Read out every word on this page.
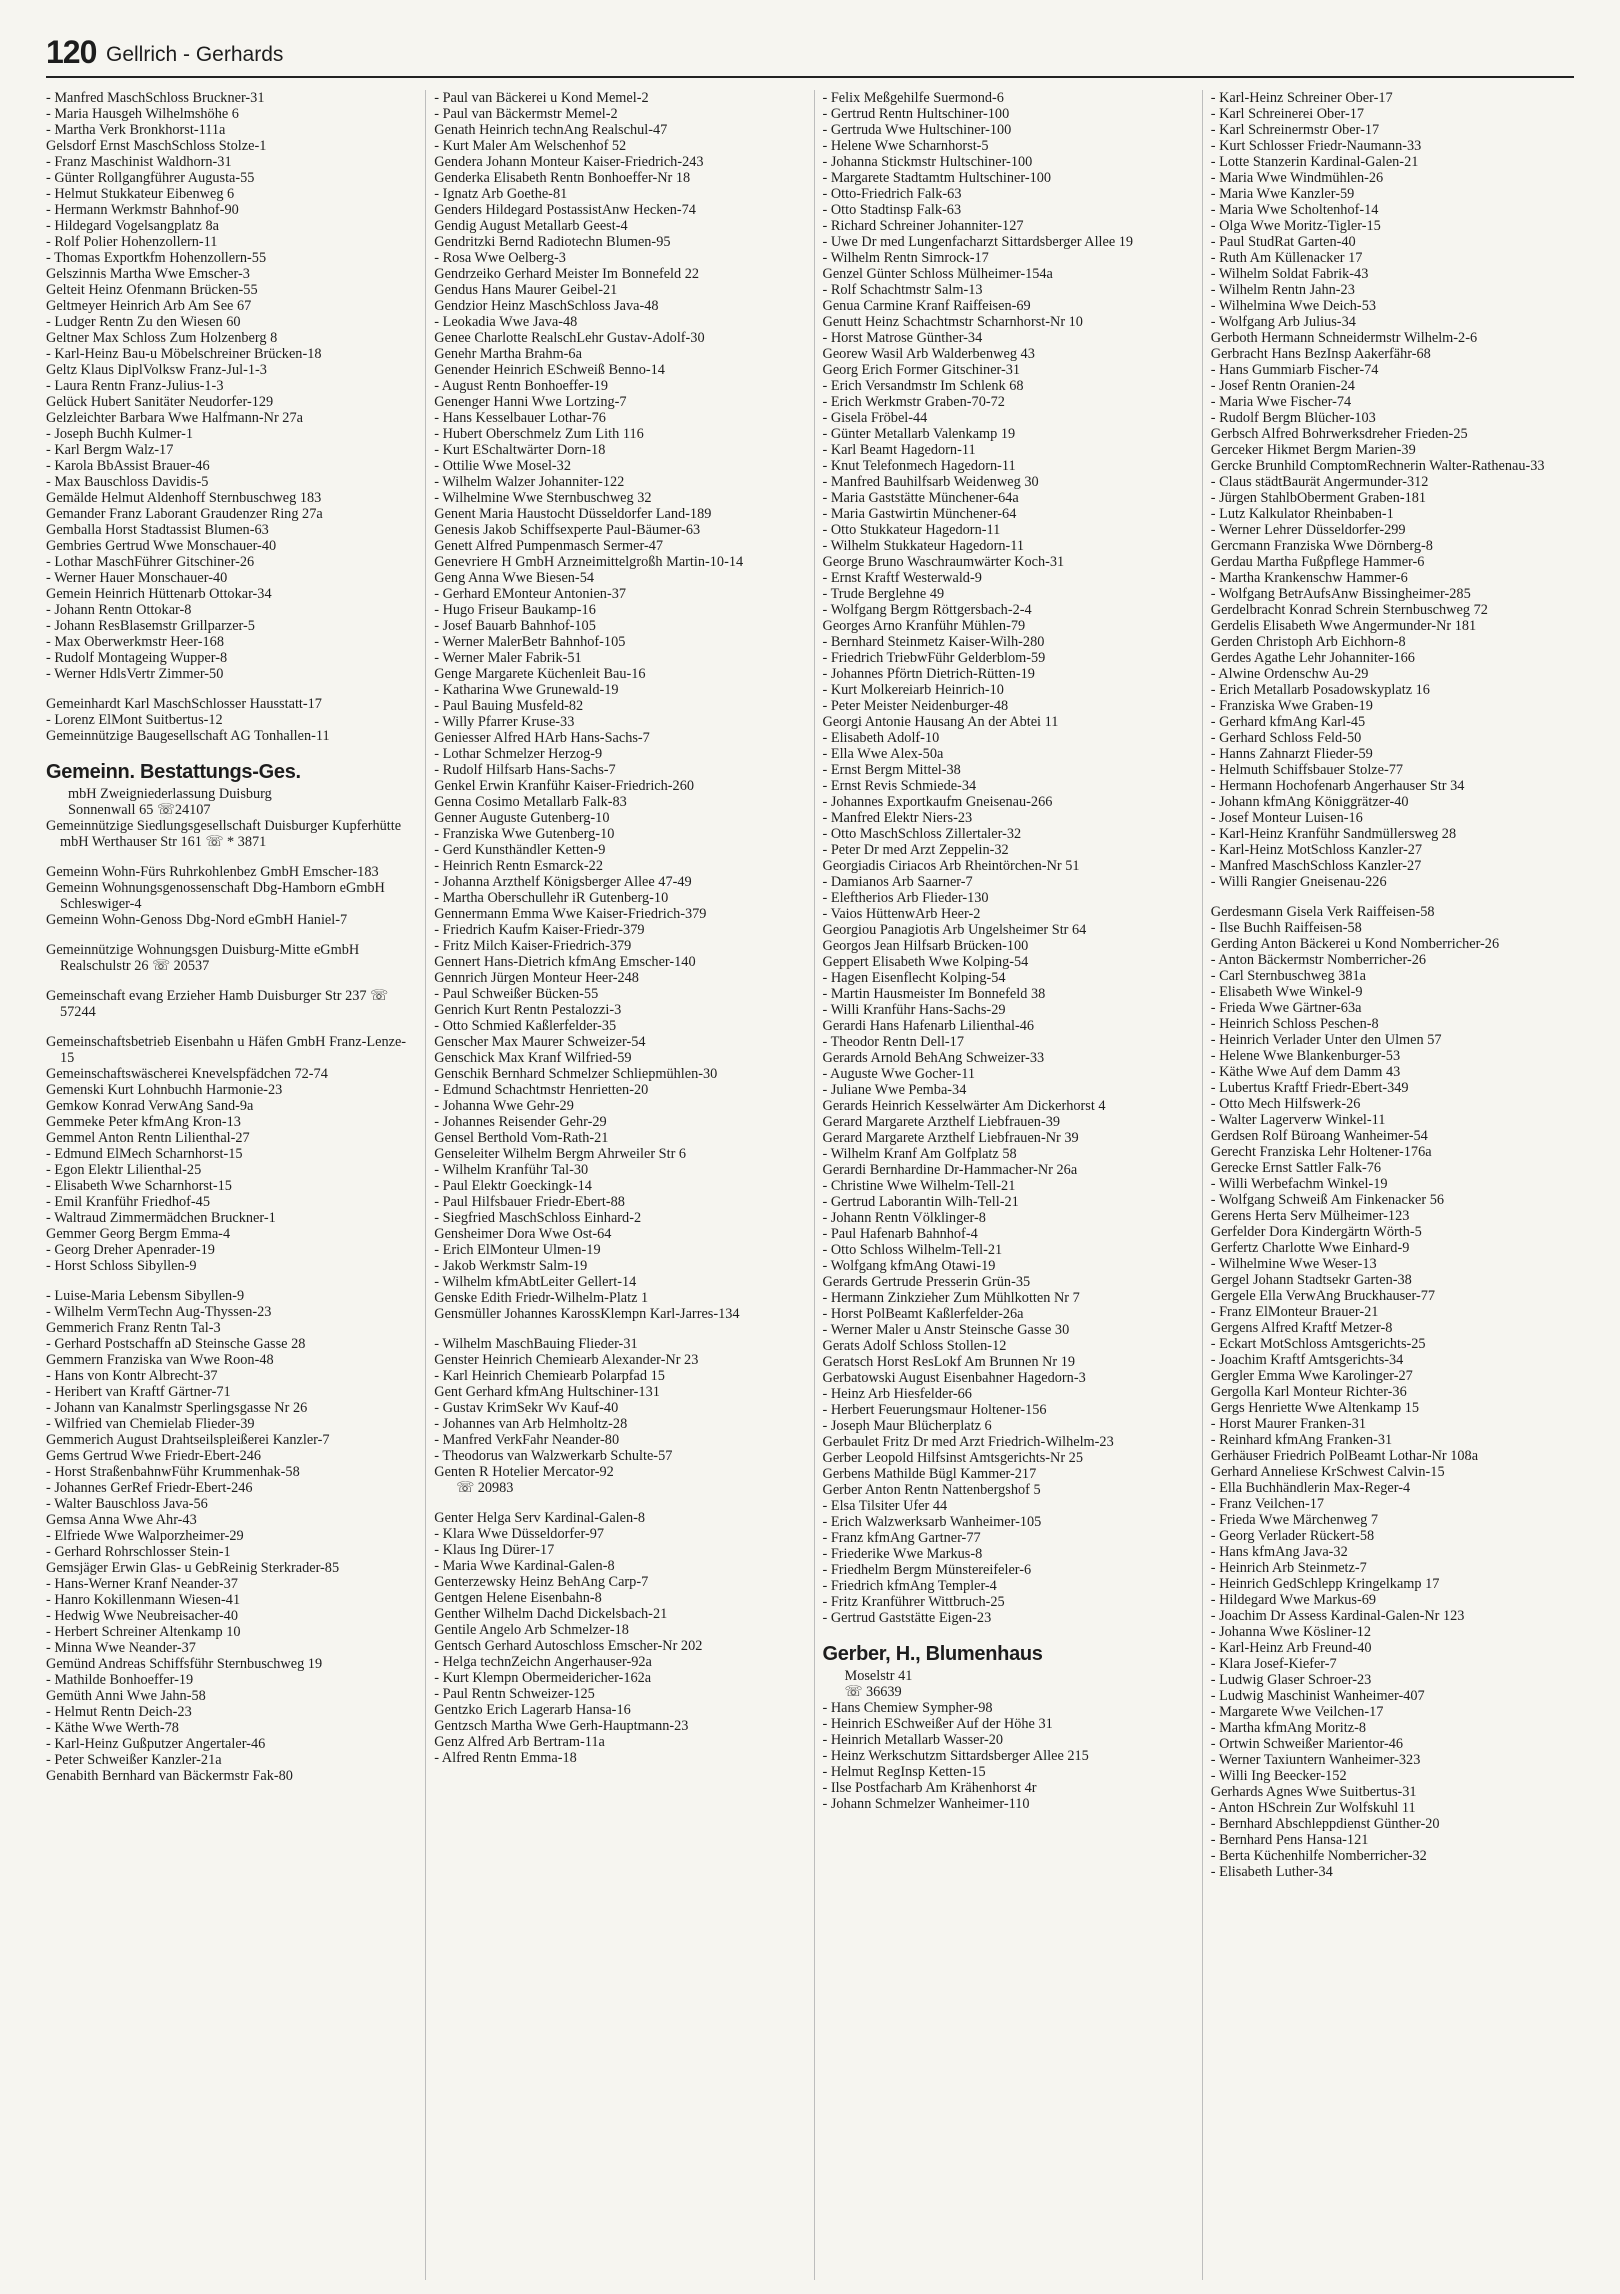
120 Gellrich - Gerhards
- Manfred MaschSchloss Bruckner-31
- Maria Hausgeh Wilhelmshöhe 6
- Martha Verk Bronkhorst-111a
Gelsdorf Ernst MaschSchloss Stolze-1
- Franz Maschinist Waldhorn-31
- Günter Rollgangführer Augusta-55
- Helmut Stukkateur Eibenweg 6
- Hermann Werkmstr Bahnhof-90
- Hildegard Vogelsangplatz 8a
- Rolf Polier Hohenzollern-11
- Thomas Exportkfm Hohenzollern-55
Gelszinnis Martha Wwe Emscher-3
Gelteit Heinz Ofenmann Brücken-55
Geltmeyer Heinrich Arb Am See 67
- Ludger Rentn Zu den Wiesen 60
Geltner Max Schloss Zum Holzenberg 8
- Karl-Heinz Bau-u Möbelschreiner Brücken-18
Geltz Klaus DiplVolksw Franz-Jul-1-3
- Laura Rentn Franz-Julius-1-3
Gelück Hubert Sanitäter Neudorfer-129
Gelzleichter Barbara Wwe Halfmann-Nr 27a
- Joseph Buchh Kulmer-1
- Karl Bergm Walz-17
- Karola BbAssist Brauer-46
- Max Bauschloss Davidis-5
Gemälde Helmut Aldenhoff Sternbuschweg 183
Gemander Franz Laborant Graudenzer Ring 27a
Gemballa Horst Stadtassist Blumen-63
Gembries Gertrud Wwe Monschauer-40
- Lothar MaschFührer Gitschiner-26
- Werner Hauer Monschauer-40
Gemein Heinrich Hüttenarb Ottokar-34
- Johann Rentn Ottokar-8
- Johann ResBlasemstr Grillparzer-5
- Max Oberwerkmstr Heer-168
- Rudolf Montageing Wupper-8
- Werner HdlsVertr Zimmer-50
Gemeinhardt Karl MaschSchlosser Hausstatt-17
- Lorenz ElMont Suitbertus-12
Gemeinnützige Baugesellschaft AG Tonhallen-11
Gemeinn. Bestattungs-Ges.
mbH Zweigniederlassung Duisburg
Sonnenwall 65 ☏24107
Gemeinnützige Siedlungsgesellschaft Duisburger Kupferhütte mbH Werthauser Str 161 ☏ * 3871
Gemeinn Wohn-Fürs Ruhrkohlenbez GmbH Emscher-183
Gemeinn Wohnungsgenossenschaft Dbg-Hamborn eGmbH Schleswiger-4
Gemeinn Wohn-Genoss Dbg-Nord eGmbH Haniel-7
Gemeinnützige Wohnungsgen Duisburg-Mitte eGmbH Realschulstr 26 ☏ 20537
Gemeinschaft evang Erzieher Hamb Duisburger Str 237 ☏ 57244
Gemeinschaftsbetrieb Eisenbahn u Häfen GmbH Franz-Lenze-15
Gemeinschaftswäscherei Knevelspfädchen 72-74
Gemenski Kurt Lohnbuchh Harmonie-23
Gemkow Konrad VerwAng Sand-9a
Gemmeke Peter kfmAng Kron-13
Gemmel Anton Rentn Lilienthal-27
- Edmund ElMech Scharnhorst-15
- Egon Elektr Lilienthal-25
- Elisabeth Wwe Scharnhorst-15
- Emil Kranführ Friedhof-45
- Waltraud Zimmermädchen Bruckner-1
Gemmer Georg Bergm Emma-4
- Georg Dreher Apenrader-19
- Horst Schloss Sibyllen-9
- Luise-Maria Lebensm Sibyllen-9
- Wilhelm VermTechn Aug-Thyssen-23
Gemmerich Franz Rentn Tal-3
- Gerhard Postschaffn aD Steinsche Gasse 28
Gemmern Franziska van Wwe Roon-48
- Hans von Kontr Albrecht-37
- Heribert van Kraftf Gärtner-71
- Johann van Kanalmstr Sperlingsgasse Nr 26
- Wilfried van Chemielab Flieder-39
Gemmerich August Drahtseilspleißerei Kanzler-7
Gems Gertrud Wwe Friedr-Ebert-246
- Horst StraßenbahnwFühr Krummenhak-58
- Johannes GerRef Friedr-Ebert-246
- Walter Bauschloss Java-56
Gemsa Anna Wwe Ahr-43
- Elfriede Wwe Walporzheimer-29
- Gerhard Rohrschlosser Stein-1
Gemsjäger Erwin Glas- u GebReinig Sterkrader-85
- Hans-Werner Kranf Neander-37
- Hanro Kokillenmann Wiesen-41
- Hedwig Wwe Neubreisacher-40
- Herbert Schreiner Altenkamp 10
- Minna Wwe Neander-37
Gemünd Andreas Schiffsführ Sternbuschweg 19
- Mathilde Bonhoeffer-19
Gemüth Anni Wwe Jahn-58
- Helmut Rentn Deich-23
- Käthe Wwe Werth-78
- Karl-Heinz Gußputzer Angertaler-46
- Peter Schweißer Kanzler-21a
Genabith Bernhard van Bäckermstr Fak-80
- Paul van Bäckerei u Kond Memel-2
- Paul van Bäckermstr Memel-2
Genath Heinrich technAng Realschul-47
- Kurt Maler Am Welschenhof 52
Gendera Johann Monteur Kaiser-Friedrich-243
Genderka Elisabeth Rentn Bonhoeffer-Nr 18
- Ignatz Arb Goethe-81
Genders Hildegard PostassistAnw Hecken-74
Gendig August Metallarb Geest-4
Gendritzki Bernd Radiotechn Blumen-95
- Rosa Wwe Oelberg-3
Gendrzeiko Gerhard Meister Im Bonnefeld 22
Gendus Hans Maurer Geibel-21
Gendzior Heinz MaschSchloss Java-48
- Leokadia Wwe Java-48
Genee Charlotte RealschLehr Gustav-Adolf-30
Genehr Martha Brahm-6a
Genender Heinrich ESchweiß Benno-14
- August Rentn Bonhoeffer-19
Genenger Hanni Wwe Lortzing-7
- Hans Kesselbauer Lothar-76
- Hubert Oberschmelz Zum Lith 116
- Kurt ESchaltwärter Dorn-18
- Ottilie Wwe Mosel-32
- Wilhelm Walzer Johanniter-122
- Wilhelmine Wwe Sternbuschweg 32
Genent Maria Haustocht Düsseldorfer Land-189
Genesis Jakob Schiffsexperte Paul-Bäumer-63
Genett Alfred Pumpenmasch Sermer-47
Genevriere H GmbH Arzneimittelgroßh Martin-10-14
Geng Anna Wwe Biesen-54
- Gerhard EMonteur Antonien-37
- Hugo Friseur Baukamp-16
- Josef Bauarb Bahnhof-105
- Werner MalerBetr Bahnhof-105
- Werner Maler Fabrik-51
Genge Margarete Küchenleit Bau-16
- Katharina Wwe Grunewald-19
- Paul Bauing Musfeld-82
- Willy Pfarrer Kruse-33
Geniesser Alfred HArb Hans-Sachs-7
- Lothar Schmelzer Herzog-9
- Rudolf Hilfsarb Hans-Sachs-7
Genkel Erwin Kranführ Kaiser-Friedrich-260
Genna Cosimo Metallarb Falk-83
Genner Auguste Gutenberg-10
- Franziska Wwe Gutenberg-10
- Gerd Kunsthändler Ketten-9
- Heinrich Rentn Esmarck-22
- Johanna Arzthelf Königsberger Allee 47-49
- Martha Oberschullehr iR Gutenberg-10
Gennermann Emma Wwe Kaiser-Friedrich-379
- Friedrich Kaufm Kaiser-Friedr-379
- Fritz Milch Kaiser-Friedrich-379
Gennert Hans-Dietrich kfmAng Emscher-140
Gennrich Jürgen Monteur Heer-248
- Paul Schweißer Bücken-55
Genrich Kurt Rentn Pestalozzi-3
- Otto Schmied Kaßlerfelder-35
Genscher Max Maurer Schweizer-54
Genschick Max Kranf Wilfried-59
Genschik Bernhard Schmelzer Schliepmühlen-30
- Edmund Schachtmstr Henrietten-20
- Johanna Wwe Gehr-29
- Johannes Reisender Gehr-29
Gensel Berthold Vom-Rath-21
Genseleiter Wilhelm Bergm Ahrweiler Str 6
- Wilhelm Kranführ Tal-30
- Paul Elektr Goeckingk-14
- Paul Hilfsbauer Friedr-Ebert-88
- Siegfried MaschSchloss Einhard-2
Gensheimer Dora Wwe Ost-64
- Erich ElMonteur Ulmen-19
- Jakob Werkmstr Salm-19
- Wilhelm kfmAbtLeiter Gellert-14
Genske Edith Friedr-Wilhelm-Platz 1
Gensmüller Johannes KarossKlempn Karl-Jarres-134
- Wilhelm MaschBauing Flieder-31
Genster Heinrich Chemiearb Alexander-Nr 23
- Karl Heinrich Chemiearb Polarpfad 15
Gent Gerhard kfmAng Hultschiner-131
- Gustav KrimSekr Wv Kauf-40
- Johannes van Arb Helmholtz-28
- Manfred VerkFahr Neander-80
- Theodorus van Walzwerkarb Schulte-57
Genten R Hotelier Mercator-92
☏ 20983
Genter Helga Serv Kardinal-Galen-8
- Klara Wwe Düsseldorfer-97
- Klaus Ing Dürer-17
- Maria Wwe Kardinal-Galen-8
Genterzewsky Heinz BehAng Carp-7
Gentgen Helene Eisenbahn-8
Genther Wilhelm Dachd Dickelsbach-21
Gentile Angelo Arb Schmelzer-18
Gentsch Gerhard Autoschloss Emscher-Nr 202
- Helga technZeichn Angerhauser-92a
- Kurt Klempn Obermeidericher-162a
- Paul Rentn Schweizer-125
Gentzko Erich Lagerarb Hansa-16
Gentzsch Martha Wwe Gerh-Hauptmann-23
Genz Alfred Arb Bertram-11a
- Alfred Rentn Emma-18
- Felix Meßgehilfe Suermond-6
- Gertrud Rentn Hultschiner-100
- Gertruda Wwe Hultschiner-100
- Helene Wwe Scharnhorst-5
- Johanna Stickmstr Hultschiner-100
- Margarete Stadtamtm Hultschiner-100
- Otto-Friedrich Falk-63
- Otto Stadtinsp Falk-63
- Richard Schreiner Johanniter-127
- Uwe Dr med Lungenfacharzt Sittardsberger Allee 19
- Wilhelm Rentn Simrock-17
Genzel Günter Schloss Mülheimer-154a
- Rolf Schachtmstr Salm-13
Genua Carmine Kranf Raiffeisen-69
Genutt Heinz Schachtmstr Scharnhorst-Nr 10
- Horst Matrose Günther-34
Georew Wasil Arb Walderbenweg 43
Georg Erich Former Gitschiner-31
- Erich Versandmstr Im Schlenk 68
- Erich Werkmstr Graben-70-72
- Gisela Fröbel-44
- Günter Metallarb Valenkamp 19
- Karl Beamt Hagedorn-11
- Knut Telefonmech Hagedorn-11
- Manfred Bauhilfsarb Weidenweg 30
- Maria Gaststätte Münchener-64a
- Maria Gastwirtin Münchener-64
- Otto Stukkateur Hagedorn-11
- Wilhelm Stukkateur Hagedorn-11
George Bruno Waschraumwärter Koch-31
- Ernst Kraftf Westerwald-9
- Trude Berglehne 49
- Wolfgang Bergm Röttgersbach-2-4
Georges Arno Kranführ Mühlen-79
- Bernhard Steinmetz Kaiser-Wilh-280
- Friedrich TriebwFühr Gelderblom-59
- Johannes Pförtn Dietrich-Rütten-19
- Kurt Molkereiarb Heinrich-10
- Peter Meister Neidenburger-48
Georgi Antonie Hausang An der Abtei 11
- Elisabeth Adolf-10
- Ella Wwe Alex-50a
- Ernst Bergm Mittel-38
- Ernst Revis Schmiede-34
- Johannes Exportkaufm Gneisenau-266
- Manfred Elektr Niers-23
- Otto MaschSchloss Zillertaler-32
- Peter Dr med Arzt Zeppelin-32
Georgiadis Ciriacos Arb Rheintörchen-Nr 51
- Damianos Arb Saarner-7
- Eleftherios Arb Flieder-130
- Vaios HüttenwArb Heer-2
Georgiou Panagiotis Arb Ungelsheimer Str 64
Georgos Jean Hilfsarb Brücken-100
Geppert Elisabeth Wwe Kolping-54
- Hagen Eisenflecht Kolping-54
- Martin Hausmeister Im Bonnefeld 38
- Willi Kranführ Hans-Sachs-29
Gerardi Hans Hafenarb Lilienthal-46
- Theodor Rentn Dell-17
Gerards Arnold BehAng Schweizer-33
- Auguste Wwe Gocher-11
- Juliane Wwe Pemba-34
Gerards Heinrich Kesselwärter Am Dickerhorst 4
Gerard Margarete Arzthelf Liebfrauen-39
Gerard Margarete Arzthelf Liebfrauen-Nr 39
- Wilhelm Kranf Am Golfplatz 58
Gerardi Bernhardine Dr-Hammacher-Nr 26a
- Christine Wwe Wilhelm-Tell-21
- Gertrud Laborantin Wilh-Tell-21
- Johann Rentn Völklinger-8
- Paul Hafenarb Bahnhof-4
- Otto Schloss Wilhelm-Tell-21
- Wolfgang kfmAng Otawi-19
Gerards Gertrude Presserin Grün-35
- Hermann Zinkzieher Zum Mühlkotten Nr 7
- Horst PolBeamt Kaßlerfelder-26a
- Werner Maler u Anstr Steinsche Gasse 30
Gerats Adolf Schloss Stollen-12
Geratsch Horst ResLokf Am Brunnen Nr 19
Gerbatowski August Eisenbahner Hagedorn-3
- Heinz Arb Hiesfelder-66
- Herbert Feuerungsmaur Holtener-156
- Joseph Maur Blücherplatz 6
Gerbaulet Fritz Dr med Arzt Friedrich-Wilhelm-23
Gerber Leopold Hilfsinst Amtsgerichts-Nr 25
Gerbens Mathilde Bügl Kammer-217
Gerber Anton Rentn Nattenbergshof 5
- Elsa Tilsiter Ufer 44
- Erich Walzwerksarb Wanheimer-105
- Franz kfmAng Gartner-77
- Friederike Wwe Markus-8
- Friedhelm Bergm Münstereifeler-6
- Friedrich kfmAng Templer-4
- Fritz Kranführer Wittbruch-25
- Gertrud Gaststätte Eigen-23
Gerber, H., Blumenhaus
Moselstr 41
☏ 36639
- Hans Chemiew Sympher-98
- Heinrich ESchweißer Auf der Höhe 31
- Heinrich Metallarb Wasser-20
- Heinz Werkschutzm Sittardsberger Allee 215
- Helmut RegInsp Ketten-15
- Ilse Postfacharb Am Krähenhorst 4r
- Johann Schmelzer Wanheimer-110
- Karl-Heinz Schreiner Ober-17
- Karl Schreinerei Ober-17
- Karl Schreinermstr Ober-17
- Kurt Schlosser Friedr-Naumann-33
- Lotte Stanzerin Kardinal-Galen-21
- Maria Wwe Windmühlen-26
- Maria Wwe Kanzler-59
- Maria Wwe Scholtenhof-14
- Olga Wwe Moritz-Tigler-15
- Paul StudRat Garten-40
- Ruth Am Küllenacker 17
- Wilhelm Soldat Fabrik-43
- Wilhelm Rentn Jahn-23
- Wilhelmina Wwe Deich-53
- Wolfgang Arb Julius-34
Gerboth Hermann Schneidermstr Wilhelm-2-6
Gerbracht Hans BezInsp Aakerfähr-68
- Hans Gummiarb Fischer-74
- Josef Rentn Oranien-24
- Maria Wwe Fischer-74
- Rudolf Bergm Blücher-103
Gerbsch Alfred Bohrwerksdreher Frieden-25
Gerceker Hikmet Bergm Marien-39
Gercke Brunhild ComptomRechnerin Walter-Rathenau-33
- Claus städtBaurät Angermunder-312
- Jürgen StahlbOberment Graben-181
- Lutz Kalkulator Rheinbaben-1
- Werner Lehrer Düsseldorfer-299
Gercmann Franziska Wwe Dörnberg-8
Gerdau Martha Fußpflege Hammer-6
- Martha Krankenschw Hammer-6
- Wolfgang BetrAufsAnw Bissingheimer-285
Gerdelbracht Konrad Schrein Sternbuschweg 72
Gerdelis Elisabeth Wwe Angermunder-Nr 181
Gerden Christoph Arb Eichhorn-8
Gerdes Agathe Lehr Johanniter-166
- Alwine Ordenschw Au-29
- Erich Metallarb Posadowskyplatz 16
- Franziska Wwe Graben-19
- Gerhard kfmAng Karl-45
- Gerhard Schloss Feld-50
- Hanns Zahnarzt Flieder-59
- Helmuth Schiffsbauer Stolze-77
- Hermann Hochofenarb Angerhauser Str 34
- Johann kfmAng Königgrätzer-40
- Josef Monteur Luisen-16
- Karl-Heinz Kranführ Sandmüllersweg 28
- Karl-Heinz MotSchloss Kanzler-27
- Manfred MaschSchloss Kanzler-27
- Willi Rangier Gneisenau-226
Gerdesmann Gisela Verk Raiffeisen-58
- Ilse Buchh Raiffeisen-58
Gerding Anton Bäckerei u Kond Nomberricher-26
- Anton Bäckermstr Nomberricher-26
- Carl Sternbuschweg 381a
- Elisabeth Wwe Winkel-9
- Frieda Wwe Gärtner-63a
- Heinrich Schloss Peschen-8
- Heinrich Verlader Unter den Ulmen 57
- Helene Wwe Blankenburger-53
- Käthe Wwe Auf dem Damm 43
- Lubertus Kraftf Friedr-Ebert-349
- Otto Mech Hilfswerk-26
- Walter Lagerverw Winkel-11
Gerdsen Rolf Büroang Wanheimer-54
Gerecht Franziska Lehr Holtener-176a
Gerecke Ernst Sattler Falk-76
- Willi Werbefachm Winkel-19
- Wolfgang Schweiß Am Finkenacker 56
Gerens Herta Serv Mülheimer-123
Gerfelder Dora Kindergärtn Wörth-5
Gerfertz Charlotte Wwe Einhard-9
- Wilhelmine Wwe Weser-13
Gergel Johann Stadtsekr Garten-38
Gergele Ella VerwAng Bruckhauser-77
- Franz ElMonteur Brauer-21
Gergens Alfred Kraftf Metzer-8
- Eckart MotSchloss Amtsgerichts-25
- Joachim Kraftf Amtsgerichts-34
Gergler Emma Wwe Karolinger-27
Gergolla Karl Monteur Richter-36
Gergs Henriette Wwe Altenkamp 15
- Horst Maurer Franken-31
- Reinhard kfmAng Franken-31
Gerhäuser Friedrich PolBeamt Lothar-Nr 108a
Gerhard Anneliese KrSchwest Calvin-15
- Ella Buchhändlerin Max-Reger-4
- Franz Veilchen-17
- Frieda Wwe Märchenweg 7
- Georg Verlader Rückert-58
- Hans kfmAng Java-32
- Heinrich Arb Steinmetz-7
- Heinrich GedSchlepp Kringelkamp 17
- Hildegard Wwe Markus-69
- Joachim Dr Assess Kardinal-Galen-Nr 123
- Johanna Wwe Kösliner-12
- Karl-Heinz Arb Freund-40
- Klara Josef-Kiefer-7
- Ludwig Glaser Schroer-23
- Ludwig Maschinist Wanheimer-407
- Margarete Wwe Veilchen-17
- Martha kfmAng Moritz-8
- Ortwin Schweißer Marientor-46
- Werner Taxiuntern Wanheimer-323
- Willi Ing Beecker-152
Gerhards Agnes Wwe Suitbertus-31
- Anton HSchrein Zur Wolfskuhl 11
- Bernhard Abschleppdienst Günther-20
- Bernhard Pens Hansa-121
- Berta Küchenhilfe Nomberricher-32
- Elisabeth Luther-34
